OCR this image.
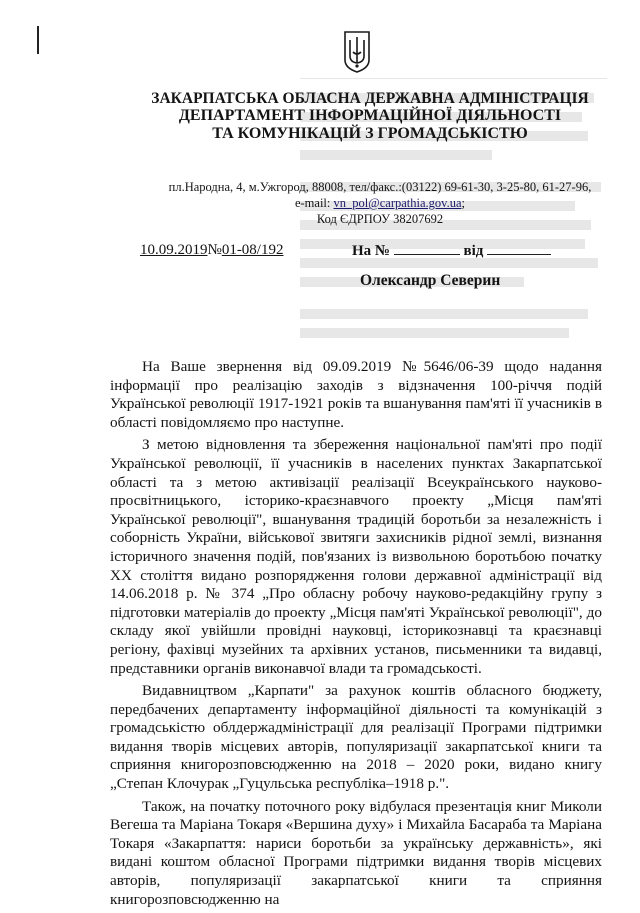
ЗАКАРПАТСЬКА ОБЛАСНА ДЕРЖАВНА АДМІНІСТРАЦІЯ
ДЕПАРТАМЕНТ ІНФОРМАЦІЙНОЇ ДІЯЛЬНОСТІ
ТА КОМУНІКАЦІЙ З ГРОМАДСЬКІСТЮ
пл.Народна, 4, м.Ужгород, 88008, тел/факс.:(03122) 69-61-30, 3-25-80, 61-27-96,
e-mail: vn_pol@carpathia.gov.ua;
Код ЄДРПОУ 38207692
10.09.2019№01-08/192	На №	від
Олександр Северин

На Ваше звернення від 09.09.2019 №5646/06-39 щодо надання інформації про реалізацію заходів з відзначення 100-річчя подій Української революції 1917-1921 років та вшанування пам'яті її учасників в області повідомляємо про наступне.

З метою відновлення та збереження національної пам'яті про події Української революції, її учасників в населених пунктах Закарпатської області та з метою активізації реалізації Всеукраїнського науково-просвітницького, історико-краєзнавчого проекту „Місця пам'яті Української революції", вшанування традицій боротьби за незалежність і соборність України, військової звитяги захисників рідної землі, визнання історичного значення подій, пов'язаних із визвольною боротьбою початку ХХ століття видано розпорядження голови державної адміністрації від 14.06.2018 р. № 374 „Про обласну робочу науково-редакційну групу з підготовки матеріалів до проекту „Місця пам'яті Української революції", до складу якої увійшли провідні науковці, історикознавці та краєзнавці регіону, фахівці музейних та архівних установ, письменники та видавці, представники органів виконавчої влади та громадськості.

Видавництвом „Карпати" за рахунок коштів обласного бюджету, передбачених департаменту інформаційної діяльності та комунікацій з громадськістю облдержадміністрації для реалізації Програми підтримки видання творів місцевих авторів, популяризації закарпатської книги та сприяння книгорозповсюдженню на 2018 – 2020 роки, видано книгу „Степан Клочурак „Гуцульська республіка–1918 р.".

Також, на початку поточного року відбулася презентація книг Миколи Вегеша та Маріана Токаря «Вершина духу» і Михайла Басараба та Маріана Токаря «Закарпаття: нариси боротьби за українську державність», які видані коштом обласної Програми підтримки видання творів місцевих авторів, популяризації закарпатської книги та сприяння книгорозповсюдженню на
